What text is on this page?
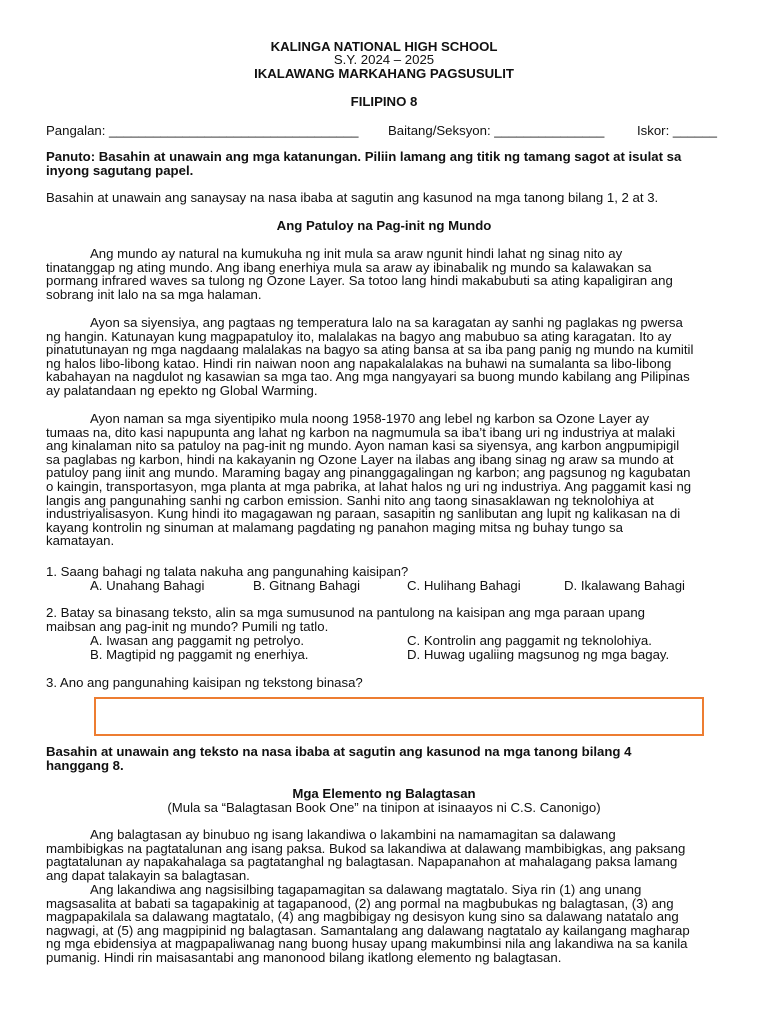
KALINGA NATIONAL HIGH SCHOOL
S.Y. 2024 – 2025
IKALAWANG MARKAHANG PAGSUSULIT
FILIPINO 8
Pangalan: __________________________________ Baitang/Seksyon: _______________ Iskor: ______
Panuto: Basahin at unawain ang mga katanungan. Piliin lamang ang titik ng tamang sagot at isulat sa
inyong sagutang papel.
Basahin at unawain ang sanaysay na nasa ibaba at sagutin ang kasunod na mga tanong bilang 1, 2 at 3.
Ang Patuloy na Pag-init ng Mundo
Ang mundo ay natural na kumukuha ng init mula sa araw ngunit hindi lahat ng sinag nito ay
tinatanggap ng ating mundo. Ang ibang enerhiya mula sa araw ay ibinabalik ng mundo sa kalawakan sa
pormang infrared waves sa tulong ng Ozone Layer. Sa totoo lang hindi makabubuti sa ating kapaligiran ang
sobrang init lalo na sa mga halaman.
Ayon sa siyensiya, ang pagtaas ng temperatura lalo na sa karagatan ay sanhi ng paglakas ng pwersa
ng hangin. Katunayan kung magpapatuloy ito, malalakas na bagyo ang mabubuo sa ating karagatan. Ito ay
pinatutunayan ng mga nagdaang malalakas na bagyo sa ating bansa at sa iba pang panig ng mundo na kumitil
ng halos libo-libong katao. Hindi rin naiwan noon ang napakalalakas na buhawi na sumalanta sa libo-libong
kabahayan na nagdulot ng kasawian sa mga tao. Ang mga nangyayari sa buong mundo kabilang ang Pilipinas
ay palatandaan ng epekto ng Global Warming.
Ayon naman sa mga siyentipiko mula noong 1958-1970 ang lebel ng karbon sa Ozone Layer ay
tumaas na, dito kasi napupunta ang lahat ng karbon na nagmumula sa iba’t ibang uri ng industriya at malaki
ang kinalaman nito sa patuloy na pag-init ng mundo. Ayon naman kasi sa siyensya, ang karbon angpumipigil
sa paglabas ng karbon, hindi na kakayanin ng Ozone Layer na ilabas ang ibang sinag ng araw sa mundo at
patuloy pang iinit ang mundo. Maraming bagay ang pinanggagalingan ng karbon; ang pagsunog ng kagubatan
o kaingin, transportasyon, mga planta at mga pabrika, at lahat halos ng uri ng industriya. Ang paggamit kasi ng
langis ang pangunahing sanhi ng carbon emission. Sanhi nito ang taong sinasaklawan ng teknolohiya at
industriyalisasyon. Kung hindi ito magagawan ng paraan, sasapitin ng sanlibutan ang lupit ng kalikasan na di
kayang kontrolin ng sinuman at malamang pagdating ng panahon maging mitsa ng buhay tungo sa
kamatayan.
1. Saang bahagi ng talata nakuha ang pangunahing kaisipan?
A. Unahang Bahagi	B. Gitnang Bahagi	C. Hulihang Bahagi	D. Ikalawang Bahagi
2. Batay sa binasang teksto, alin sa mga sumusunod na pantulong na kaisipan ang mga paraan upang
maibsan ang pag-init ng mundo? Pumili ng tatlo.
A. Iwasan ang paggamit ng petrolyo.	C. Kontrolin ang paggamit ng teknolohiya.
B. Magtipid ng paggamit ng enerhiya.	D. Huwag ugaliing magsunog ng mga bagay.
3. Ano ang pangunahing kaisipan ng tekstong binasa?
Basahin at unawain ang teksto na nasa ibaba at sagutin ang kasunod na mga tanong bilang 4
hanggang 8.
Mga Elemento ng Balagtasan
(Mula sa “Balagtasan Book One” na tinipon at isinaayos ni C.S. Canonigo)
Ang balagtasan ay binubuo ng isang lakandiwa o lakambini na namamagitan sa dalawang
mambibigkas na pagtatalunan ang isang paksa. Bukod sa lakandiwa at dalawang mambibigkas, ang paksang
pagtatalunan ay napakahalaga sa pagtatanghal ng balagtasan. Napapanahon at mahalagang paksa lamang
ang dapat talakayin sa balagtasan.
Ang lakandiwa ang nagsisilbing tagapamagitan sa dalawang magtatalo. Siya rin (1) ang unang
magsasalita at babati sa tagapakinig at tagapanood, (2) ang pormal na magbubukas ng balagtasan, (3) ang
magpapakilala sa dalawang magtatalo, (4) ang magbibigay ng desisyon kung sino sa dalawang natatalo ang
nagwagi, at (5) ang magpipinid ng balagtasan. Samantalang ang dalawang nagtatalo ay kailangang magharap
ng mga ebidensiya at magpapaliwanag nang buong husay upang makumbinsi nila ang lakandiwa na sa kanila
pumanig. Hindi rin maisasantabi ang manonood bilang ikatlong elemento ng balagtasan.
